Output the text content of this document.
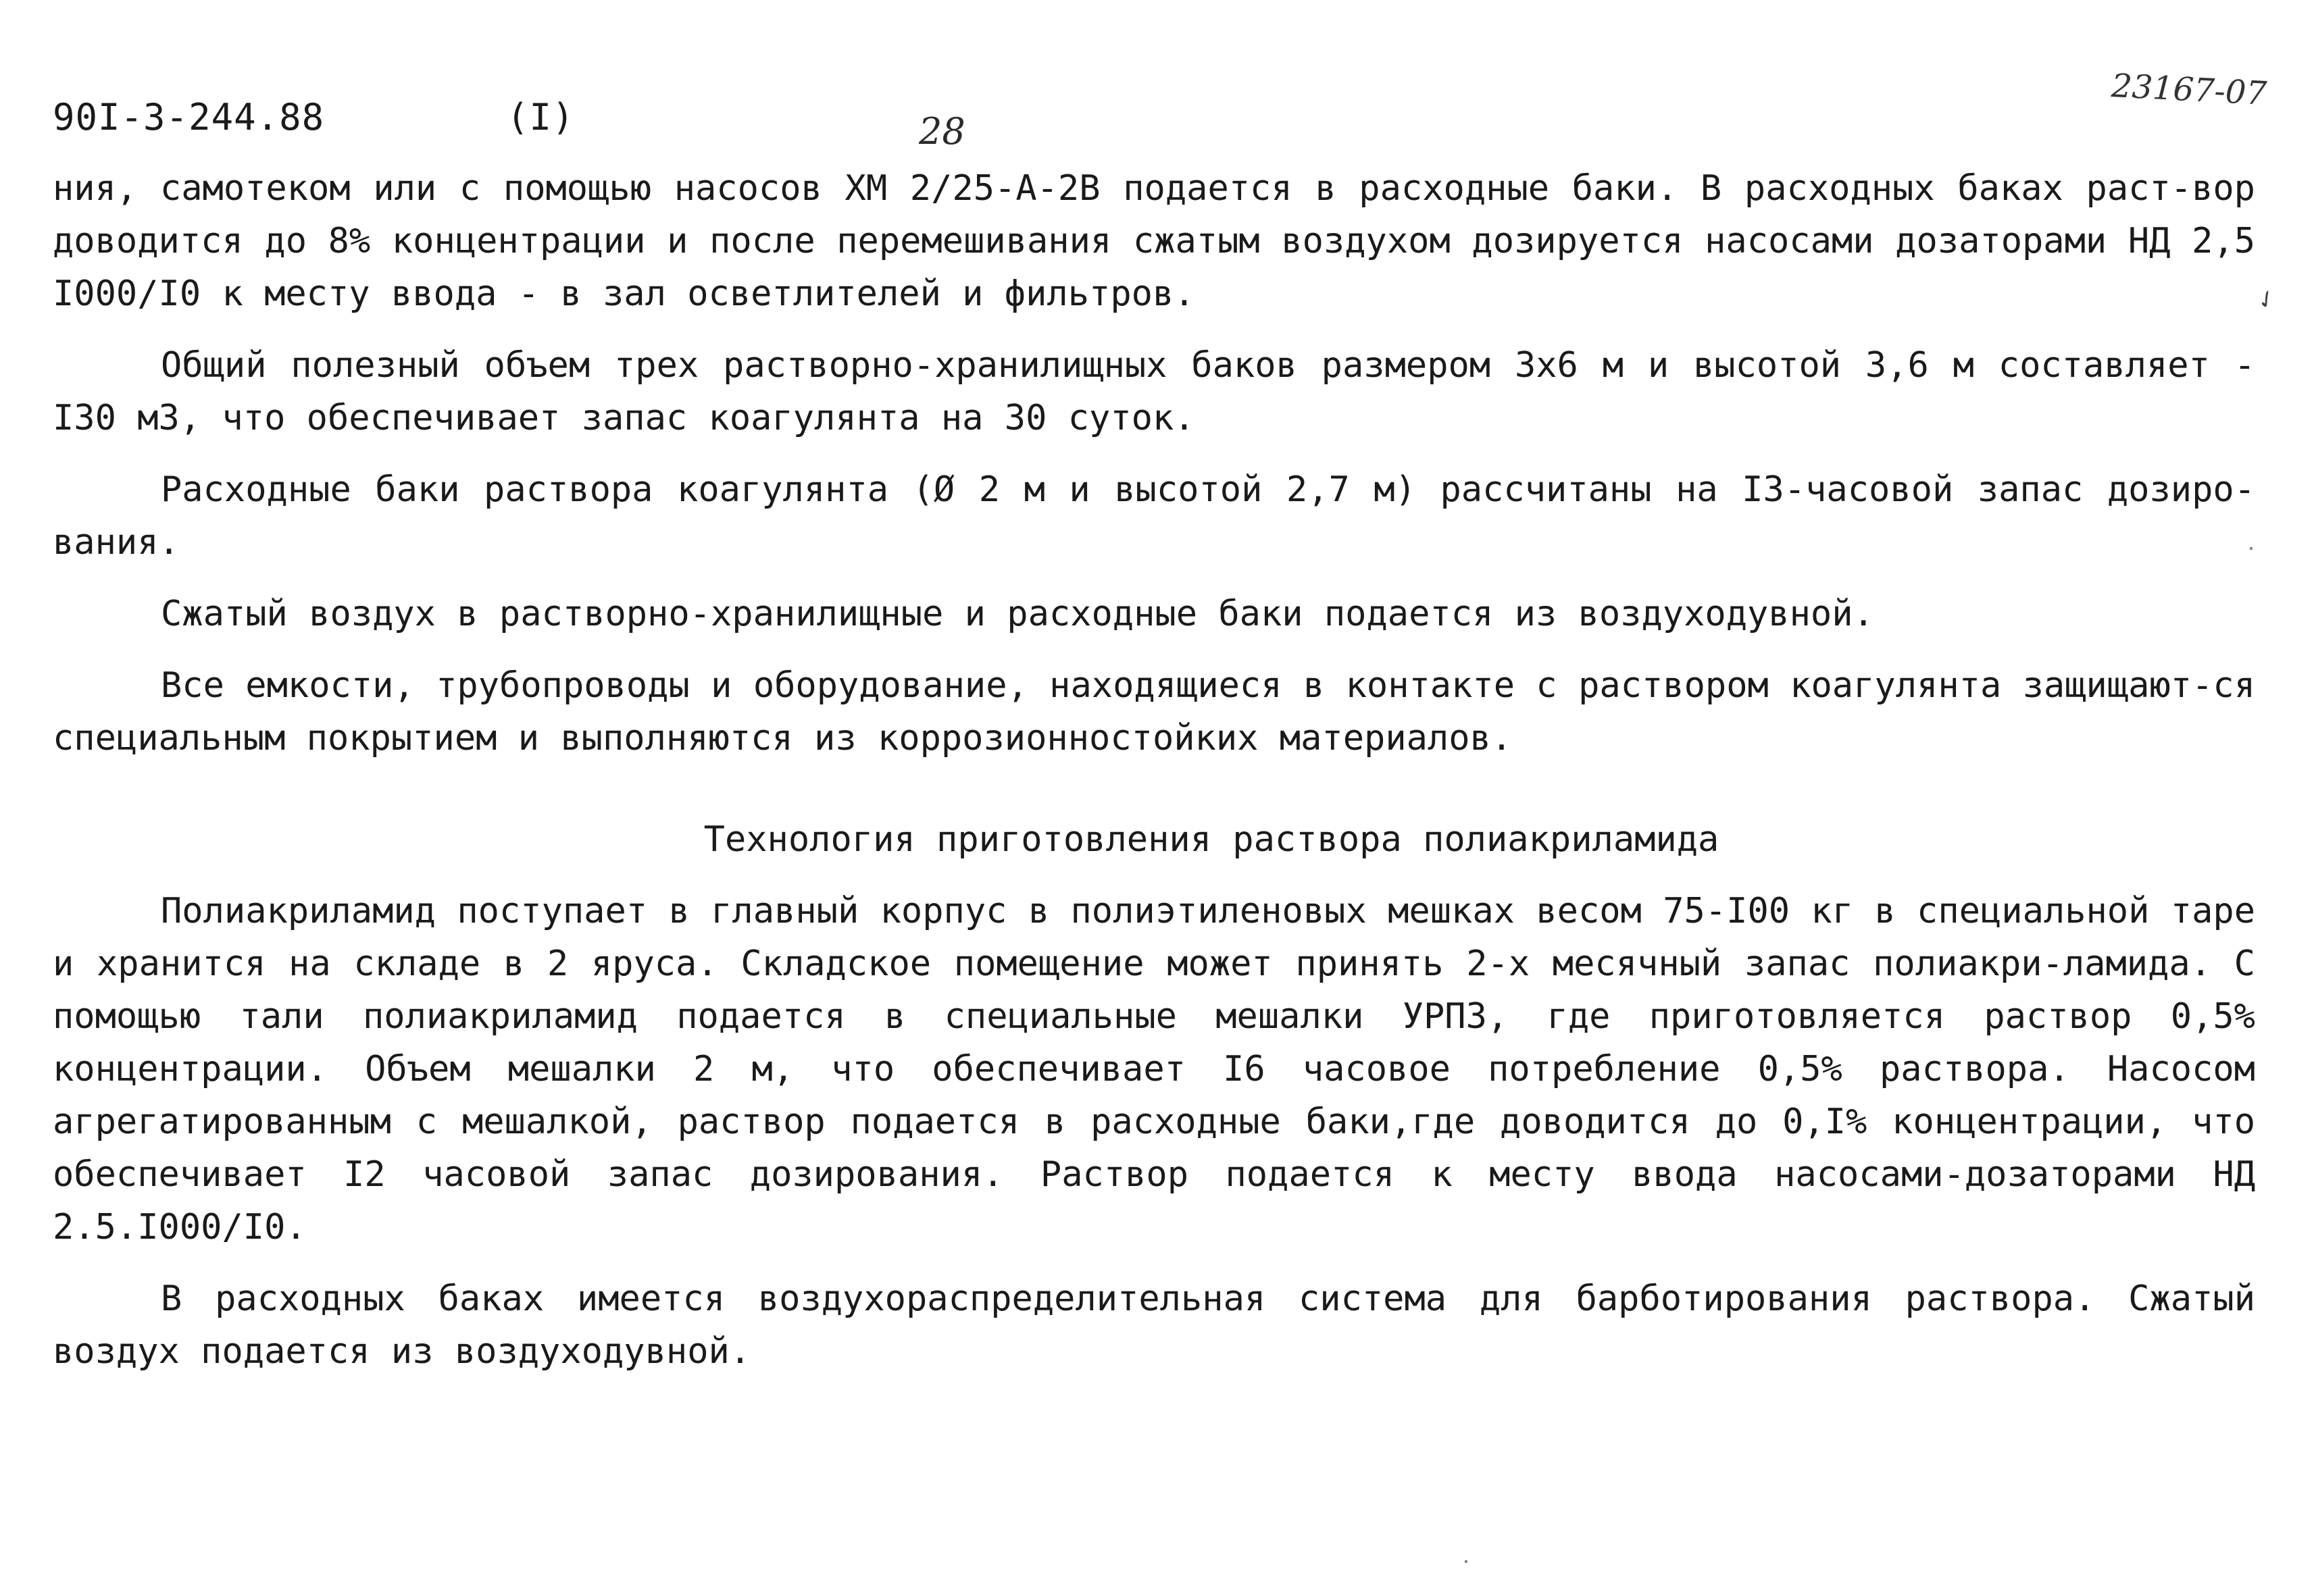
90I-3-244.88	(I)	28
23167-07
✓

ния, самотеком или с помощью насосов ХМ 2/25-А-2В подается в расходные баки. В расходных баках раст-вор доводится до 8% концентрации и после перемешивания сжатым воздухом дозируется насосами дозаторами НД 2,5 I000/I0 к месту ввода - в зал осветлителей и фильтров.

Общий полезный объем трех растворно-хранилищных баков размером 3х6 м и высотой 3,6 м составляет - I30 м3, что обеспечивает запас коагулянта на 30 суток.

Расходные баки раствора коагулянта (Ø 2 м и высотой 2,7 м) рассчитаны на I3-часовой запас дозиро-вания.

Сжатый воздух в растворно-хранилищные и расходные баки подается из воздуходувной.

Все емкости, трубопроводы и оборудование, находящиеся в контакте с раствором коагулянта защищают-ся специальным покрытием и выполняются из коррозионностойких материалов.

Технология приготовления раствора полиакриламида

Полиакриламид поступает в главный корпус в полиэтиленовых мешках весом 75-I00 кг в специальной таре и хранится на складе в 2 яруса. Складское помещение может принять 2-х месячный запас полиакри-ламида. С помощью тали полиакриламид подается в специальные мешалки УРПЗ, где приготовляется раствор 0,5% концентрации. Объем мешалки 2 м, что обеспечивает I6 часовое потребление 0,5% раствора. Насосом агрегатированным с мешалкой, раствор подается в расходные баки,где доводится до 0,I% концентрации, что обеспечивает I2 часовой запас дозирования. Раствор подается к месту ввода насосами-дозаторами НД 2.5.I000/I0.

В расходных баках имеется воздухораспределительная система для барботирования раствора. Сжатый воздух подается из воздуходувной.
